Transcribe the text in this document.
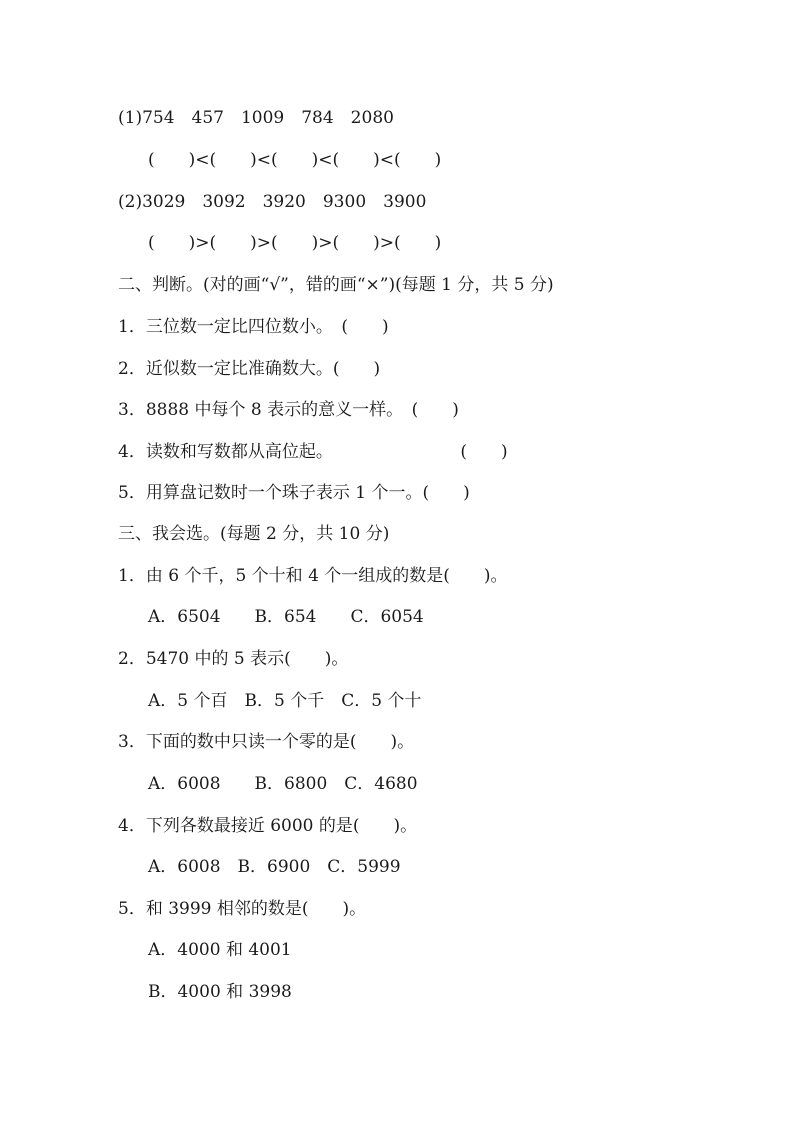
(1)754　457　1009　784　2080
(　　)<(　　)<(　　)<(　　)<(　　)
(2)3029　3092　3920　9300　3900
(　　)>(　　)>(　　)>(　　)>(　　)
二、判断。(对的画“√”，错的画“×”)(每题 1 分，共 5 分)
1．三位数一定比四位数小。　(　　)
2．近似数一定比准确数大。(　　)
3．8888 中每个 8 表示的意义一样。　(　　)
4．读数和写数都从高位起。　　　　　　　　(　　)
5．用算盘记数时一个珠子表示 1 个一。(　　)
三、我会选。(每题 2 分，共 10 分)
1．由 6 个千，5 个十和 4 个一组成的数是(　　)。
A．6504　　B．654　　C．6054
2．5470 中的 5 表示(　　)。
A．5 个百　B．5 个千　C．5 个十
3．下面的数中只读一个零的是(　　)。
A．6008　　B．6800　C．4680
4．下列各数最接近 6000 的是(　　)。
A．6008　B．6900　C．5999
5．和 3999 相邻的数是(　　)。
A．4000 和 4001
B．4000 和 3998
